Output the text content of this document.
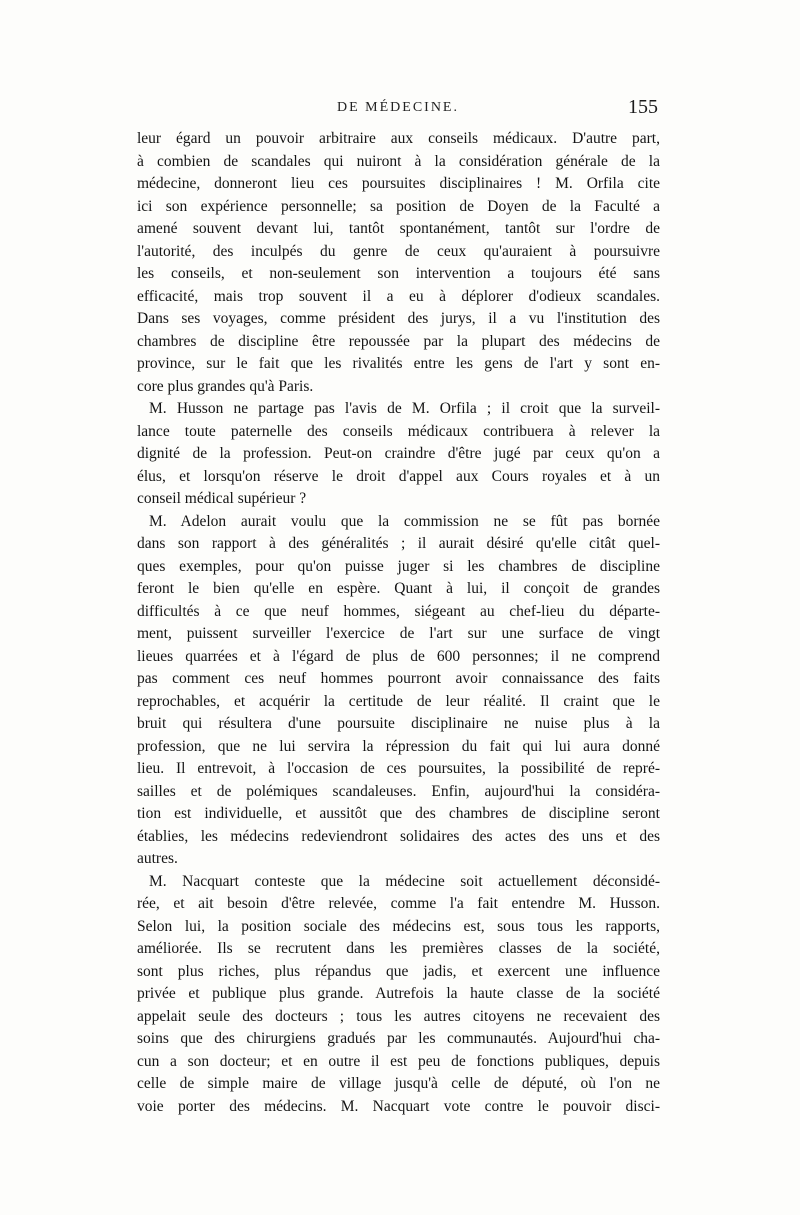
DE MÉDECINE.	155
leur égard un pouvoir arbitraire aux conseils médicaux. D'autre part,
à combien de scandales qui nuiront à la considération générale de la
médecine, donneront lieu ces poursuites disciplinaires ! M. Orfila cite
ici son expérience personnelle; sa position de Doyen de la Faculté a
amené souvent devant lui, tantôt spontanément, tantôt sur l'ordre de
l'autorité, des inculpés du genre de ceux qu'auraient à poursuivre
les conseils, et non-seulement son intervention a toujours été sans
efficacité, mais trop souvent il a eu à déplorer d'odieux scandales.
Dans ses voyages, comme président des jurys, il a vu l'institution des
chambres de discipline être repoussée par la plupart des médecins de
province, sur le fait que les rivalités entre les gens de l'art y sont en-
core plus grandes qu'à Paris.
M. Husson ne partage pas l'avis de M. Orfila ; il croit que la surveil-
lance toute paternelle des conseils médicaux contribuera à relever la
dignité de la profession. Peut-on craindre d'être jugé par ceux qu'on a
élus, et lorsqu'on réserve le droit d'appel aux Cours royales et à un
conseil médical supérieur ?
M. Adelon aurait voulu que la commission ne se fût pas bornée
dans son rapport à des généralités ; il aurait désiré qu'elle citât quel-
ques exemples, pour qu'on puisse juger si les chambres de discipline
feront le bien qu'elle en espère. Quant à lui, il conçoit de grandes
difficultés à ce que neuf hommes, siégeant au chef-lieu du départe-
ment, puissent surveiller l'exercice de l'art sur une surface de vingt
lieues quarrées et à l'égard de plus de 600 personnes; il ne comprend
pas comment ces neuf hommes pourront avoir connaissance des faits
reprochables, et acquérir la certitude de leur réalité. Il craint que le
bruit qui résultera d'une poursuite disciplinaire ne nuise plus à la
profession, que ne lui servira la répression du fait qui lui aura donné
lieu. Il entrevoit, à l'occasion de ces poursuites, la possibilité de repré-
sailles et de polémiques scandaleuses. Enfin, aujourd'hui la considéra-
tion est individuelle, et aussitôt que des chambres de discipline seront
établies, les médecins redeviendront solidaires des actes des uns et des
autres.
M. Nacquart conteste que la médecine soit actuellement déconsidé-
rée, et ait besoin d'être relevée, comme l'a fait entendre M. Husson.
Selon lui, la position sociale des médecins est, sous tous les rapports,
améliorée. Ils se recrutent dans les premières classes de la société,
sont plus riches, plus répandus que jadis, et exercent une influence
privée et publique plus grande. Autrefois la haute classe de la société
appelait seule des docteurs ; tous les autres citoyens ne recevaient des
soins que des chirurgiens gradués par les communautés. Aujourd'hui cha-
cun a son docteur; et en outre il est peu de fonctions publiques, depuis
celle de simple maire de village jusqu'à celle de député, où l'on ne
voie porter des médecins. M. Nacquart vote contre le pouvoir disci-
